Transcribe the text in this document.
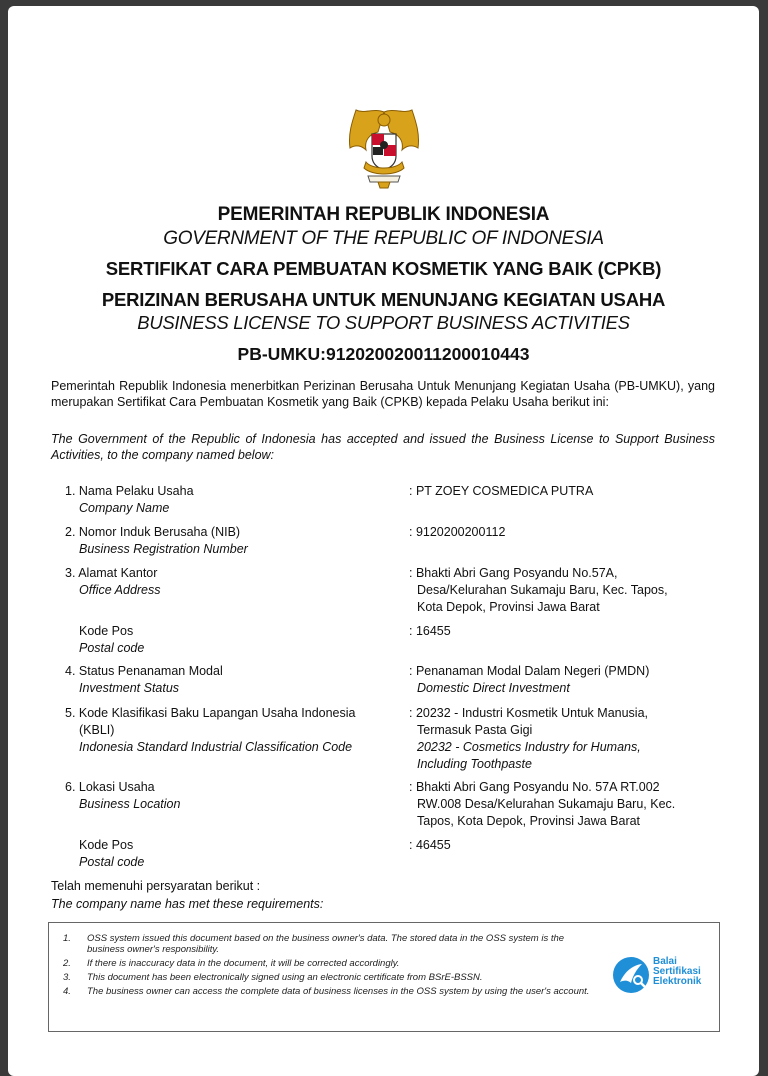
PEMERINTAH REPUBLIK INDONESIA
GOVERNMENT OF THE REPUBLIC OF INDONESIA
SERTIFIKAT CARA PEMBUATAN KOSMETIK YANG BAIK (CPKB)
PERIZINAN BERUSAHA UNTUK MENUNJANG KEGIATAN USAHA
BUSINESS LICENSE TO SUPPORT BUSINESS ACTIVITIES
PB-UMKU:912020020011200010443
Pemerintah Republik Indonesia menerbitkan Perizinan Berusaha Untuk Menunjang Kegiatan Usaha (PB-UMKU), yang merupakan Sertifikat Cara Pembuatan Kosmetik yang Baik (CPKB) kepada Pelaku Usaha berikut ini:
The Government of the Republic of Indonesia has accepted and issued the Business License to Support Business Activities, to the company named below:
1. Nama Pelaku Usaha
Company Name
: PT ZOEY COSMEDICA PUTRA
2. Nomor Induk Berusaha (NIB)
Business Registration Number
: 9120200200112
3. Alamat Kantor
Office Address
: Bhakti Abri Gang Posyandu No.57A,
Desa/Kelurahan Sukamaju Baru, Kec. Tapos,
Kota Depok, Provinsi Jawa Barat
Kode Pos
Postal code
: 16455
4. Status Penanaman Modal
Investment Status
: Penanaman Modal Dalam Negeri (PMDN)
Domestic Direct Investment
5. Kode Klasifikasi Baku Lapangan Usaha Indonesia
(KBLI)
Indonesia Standard Industrial Classification Code
: 20232 - Industri Kosmetik Untuk Manusia,
Termasuk Pasta Gigi
20232 - Cosmetics Industry for Humans,
Including Toothpaste
6. Lokasi Usaha
Business Location
: Bhakti Abri Gang Posyandu No. 57A RT.002
RW.008 Desa/Kelurahan Sukamaju Baru, Kec.
Tapos, Kota Depok, Provinsi Jawa Barat
Kode Pos
Postal code
: 46455
Telah memenuhi persyaratan berikut :
The company name has met these requirements:
1. OSS system issued this document based on the business owner's data. The stored data in the OSS system is the business owner's responsibility.
2. If there is inaccuracy data in the document, it will be corrected accordingly.
3. This document has been electronically signed using an electronic certificate from BSrE-BSSN.
4. The business owner can access the complete data of business licenses in the OSS system by using the user's account.
Balai
Sertifikasi
Elektronik
